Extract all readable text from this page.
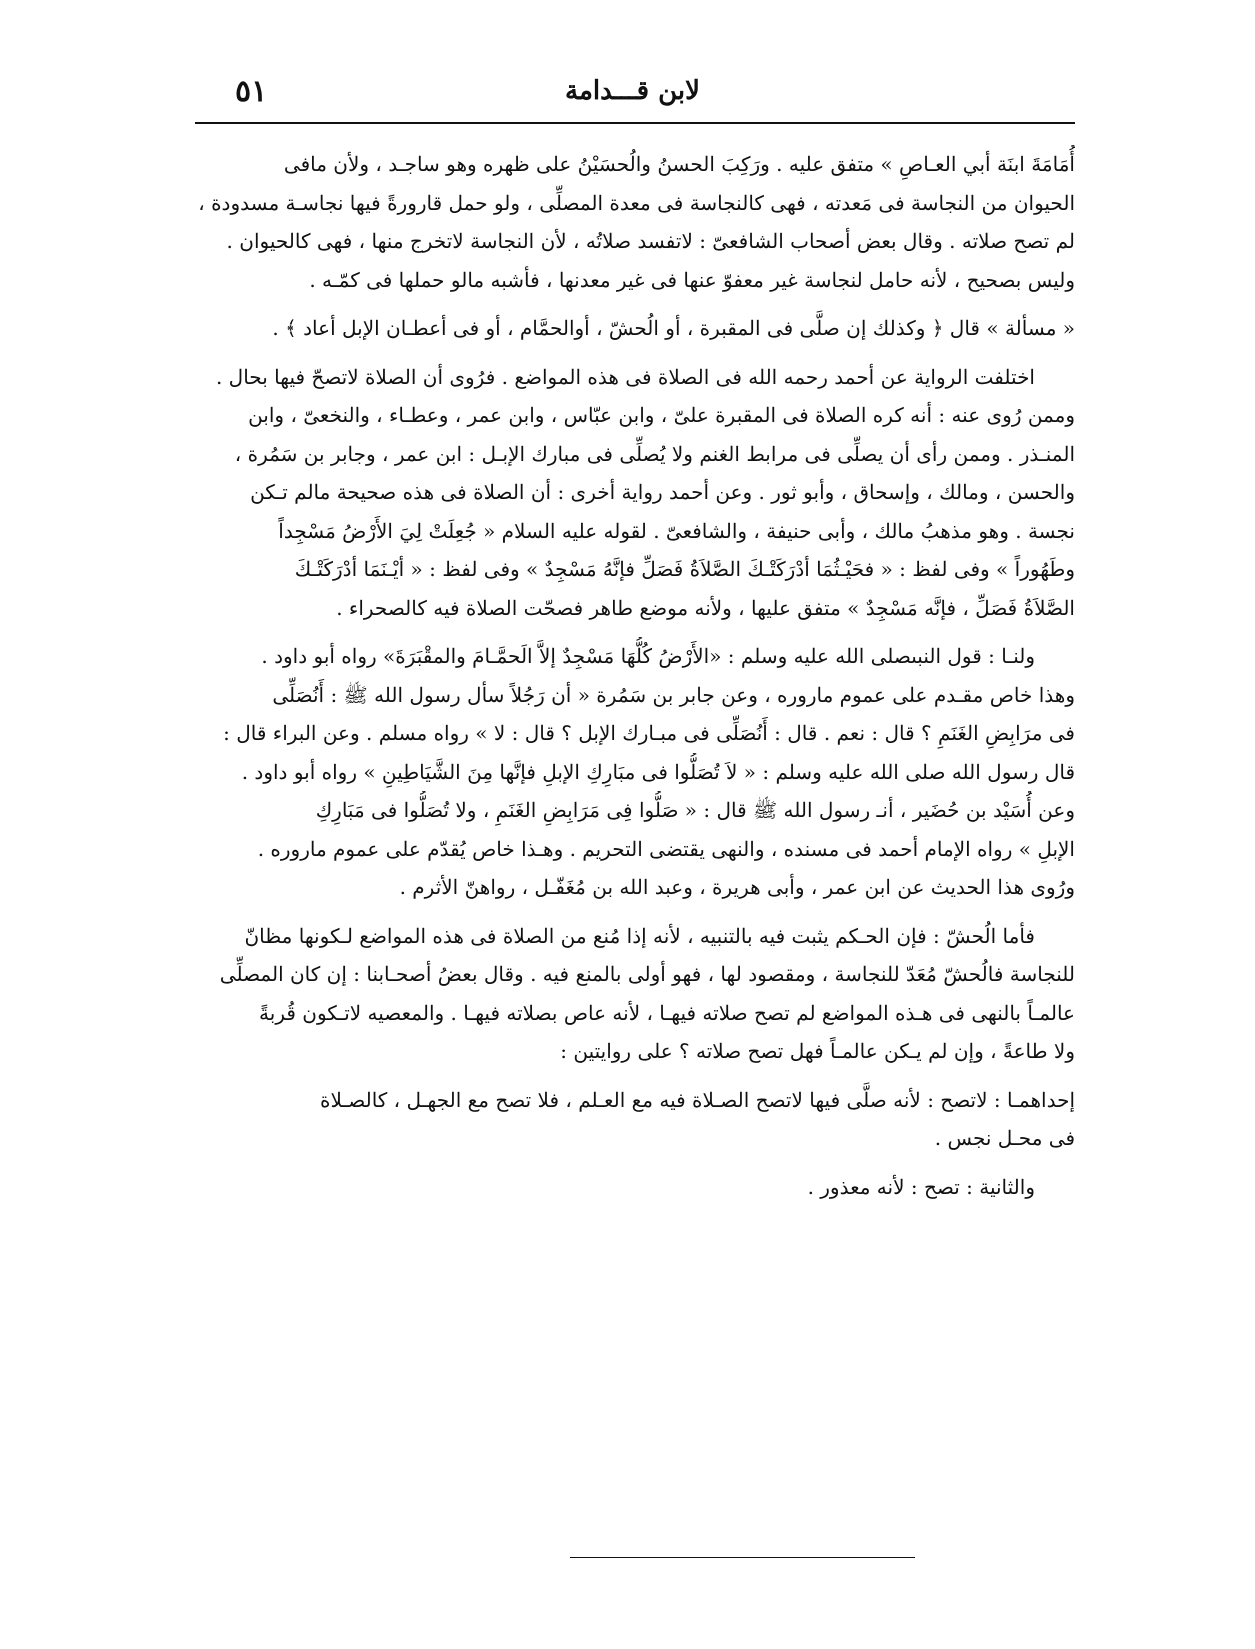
لابن قـــدامة
٥١
أُمَامَةَ ابنَة أبي العـاصِ » متفق عليه . ورَكِبَ الحسنُ والُحسَيْنُ على ظهره وهو ساجـد ، ولأن مافى
الحيوان من النجاسة فى مَعدته ، فهى كالنجاسة فى معدة المصلِّى ، ولو حمل قارورةً فيها نجاسـة مسدودة ،
لم تصح صلاته . وقال بعض أصحاب الشافعىّ : لاتفسد صلاتُه ، لأن النجاسة لاتخرج منها ، فهى كالحيوان .
وليس بصحيح ، لأنه حامل لنجاسة غير معفوّ عنها فى غير معدنها ، فأشبه مالو حملها فى كمّـه .
« مسألة » قال ﴿ وكذلك إن صلَّى فى المقبرة ، أو الُحشّ ، أوالحمَّام ، أو فى أعطـان الإبل أعاد ﴾ .
اختلفت الرواية عن أحمد رحمه الله فى الصلاة فى هذه المواضع . فرُوى أن الصلاة لاتصحّ فيها بحال .
وممن رُوى عنه : أنه كره الصلاة فى المقبرة علىّ ، وابن عبّاس ، وابن عمر ، وعطـاء ، والنخعىّ ، وابن
المنـذر . وممن رأى أن يصلِّى فى مرابط الغنم ولا يُصلِّى فى مبارك الإبـل : ابن عمر ، وجابر بن سَمُرة ،
والحسن ، ومالك ، وإسحاق ، وأبو ثور . وعن أحمد رواية أخرى : أن الصلاة فى هذه صحيحة مالم تـكن
نجسة . وهو مذهبُ مالك ، وأبى حنيفة ، والشافعىّ . لقوله عليه السلام « جُعِلَتْ لِيَ الأَرْضُ مَسْجِداً
وطَهُوراً » وفى لفظ : « فحَيْـثُمَا أدْرَكَتْـكَ الصَّلاَةُ فَصَلِّ فإنَّهُ مَسْجِدٌ » وفى لفظ : « أيْـنَمَا أدْرَكَتْـكَ
الصَّلاَةُ فَصَلِّ ، فإنَّه مَسْجِدٌ » متفق عليها ، ولأنه موضع طاهر فصحّت الصلاة فيه كالصحراء .
ولنـا : قول النبىصلى الله عليه وسلم : «الأَرْضُ كُلُّهَا مَسْجِدٌ إلاَّ الَحمَّـامَ والمقْبَرَةَ» رواه أبو داود .
وهذا خاص مقـدم على عموم ماروره ، وعن جابر بن سَمُرة « أن رَجُلاً سأل رسول الله ﷺ : أَنُصَلِّى
فى مرَابِضِ الغَنَمِ ؟ قال : نعم . قال : أَنُصَلِّى فى مبـارك الإبل ؟ قال : لا » رواه مسلم . وعن البراء قال :
قال رسول الله صلى الله عليه وسلم : « لاَ تُصَلُّوا فى مبَارِكِ الإبلِ فإنَّها مِنَ الشَّيَاطِينِ » رواه أبو داود .
وعن أُسَيْد بن حُضَير ، أنـ رسول الله ﷺ قال : « صَلُّوا فِى مَرَابِضِ الغَنَمِ ، ولا تُصَلُّوا فى مَبَارِكِ
الإبلِ » رواه الإمام أحمد فى مسنده ، والنهى يقتضى التحريم . وهـذا خاص يُقدّم على عموم ماروره .
ورُوى هذا الحديث عن ابن عمر ، وأبى هريرة ، وعبد الله بن مُغَفّـل ، رواهنّ الأثرم .
فأما الُحشّ : فإن الحـكم يثبت فيه بالتنبيه ، لأنه إذا مُنع من الصلاة فى هذه المواضع لـكونها مظانّ
للنجاسة فالُحشّ مُعَدّ للنجاسة ، ومقصود لها ، فهو أولى بالمنع فيه . وقال بعضُ أصحـابنا : إن كان المصلِّى
عالمـاً بالنهى فى هـذه المواضع لم تصح صلاته فيهـا ، لأنه عاص بصلاته فيهـا . والمعصيه لاتـكون قُربةً
ولا طاعةً ، وإن لم يـكن عالمـاً فهل تصح صلاته ؟ على روايتين :
إحداهمـا : لاتصح : لأنه صلَّى فيها لاتصح الصـلاة فيه مع العـلم ، فلا تصح مع الجهـل ، كالصـلاة
فى محـل نجس .
والثانية : تصح : لأنه معذور .
